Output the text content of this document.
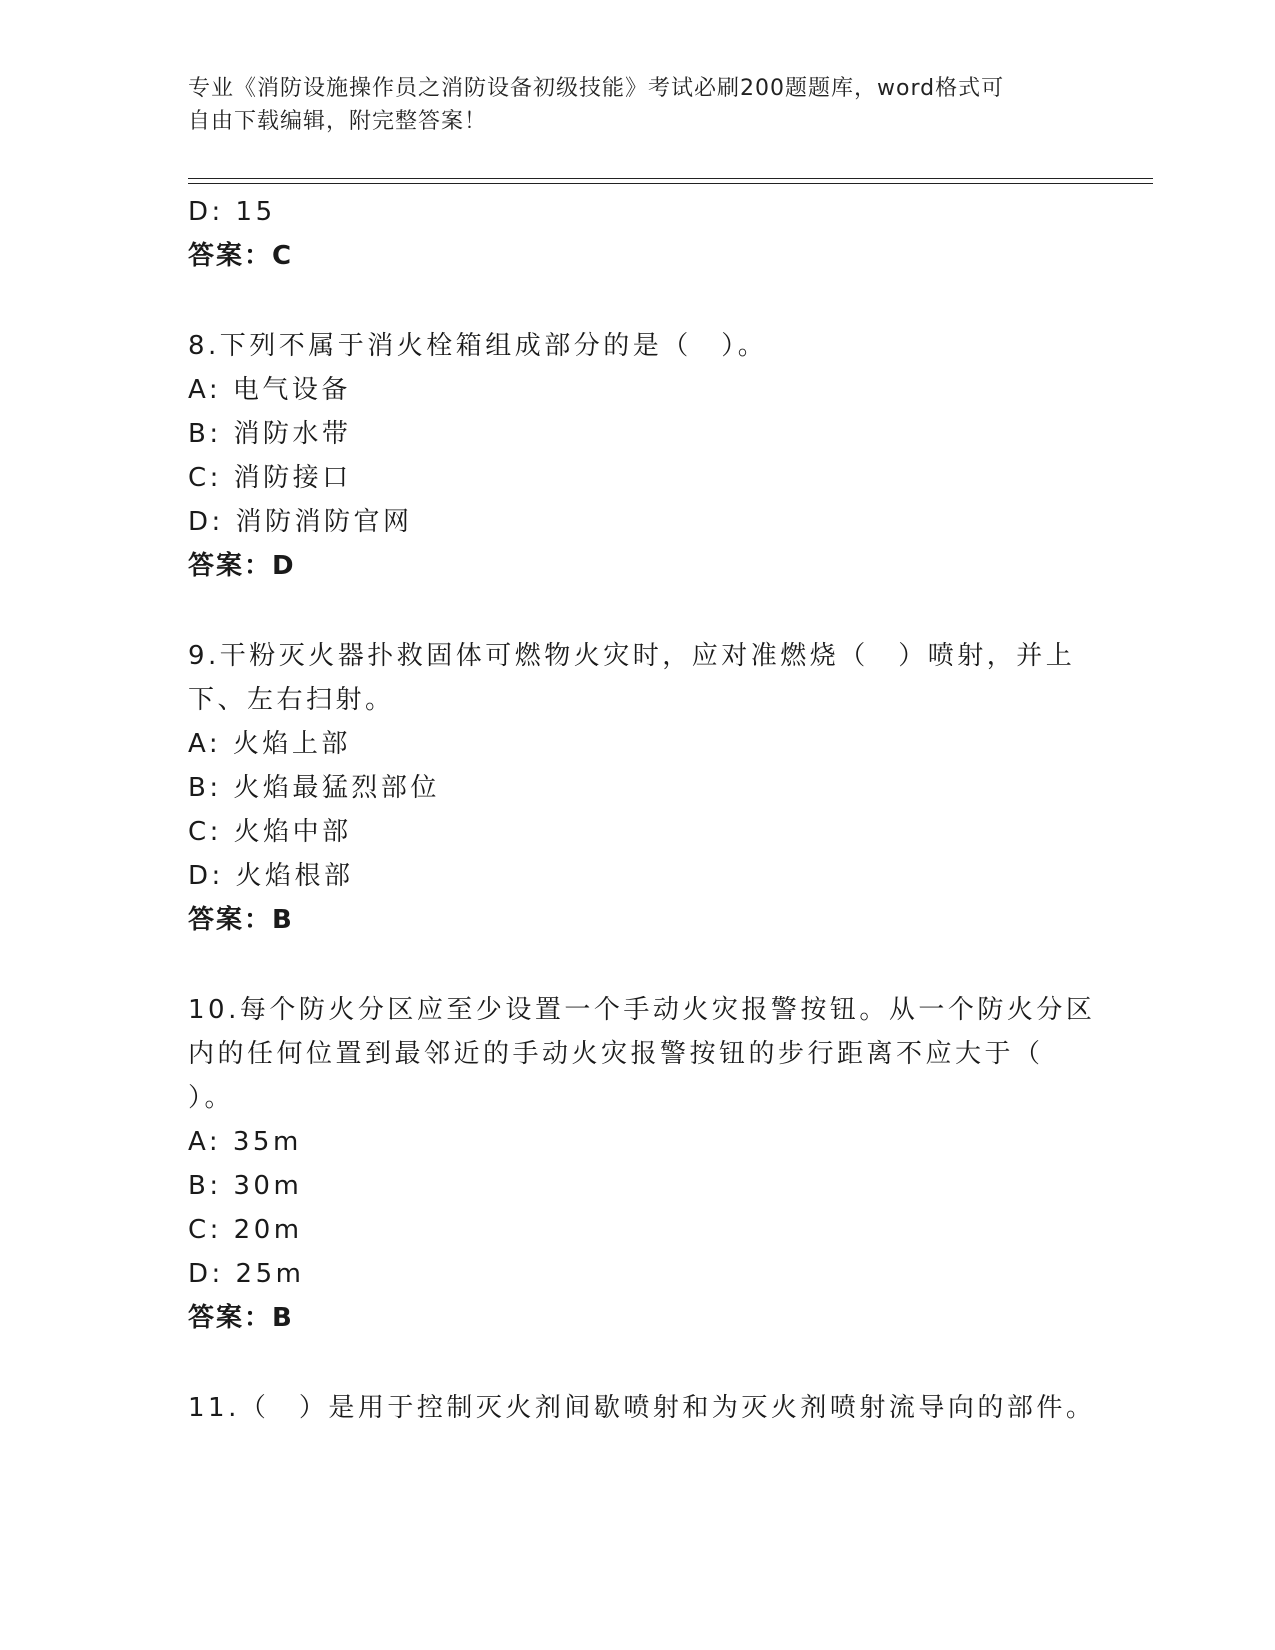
专业《消防设施操作员之消防设备初级技能》考试必刷200题题库，word格式可
自由下载编辑，附完整答案！
D: 15
答案：C
8.下列不属于消火栓箱组成部分的是（　）。
A: 电气设备
B: 消防水带
C: 消防接口
D: 消防消防官网
答案：D
9.干粉灭火器扑救固体可燃物火灾时，应对准燃烧（　）喷射，并上
下、左右扫射。
A: 火焰上部
B: 火焰最猛烈部位
C: 火焰中部
D: 火焰根部
答案：B
10.每个防火分区应至少设置一个手动火灾报警按钮。从一个防火分区
内的任何位置到最邻近的手动火灾报警按钮的步行距离不应大于（
）。
A: 35m
B: 30m
C: 20m
D: 25m
答案：B
11.（　）是用于控制灭火剂间歇喷射和为灭火剂喷射流导向的部件。
